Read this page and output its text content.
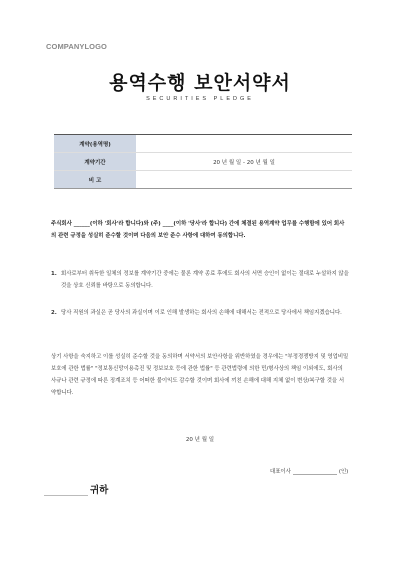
COMPANYLOGO
용역수행 보안서약서
SECURITIES PLEDGE
계약(용역명)	
계약기간	20 년 월 일 - 20 년 월 일
비 고	
주식회사 ______(이하 '회사'라 합니다)와 (주) ____(이하 '당사'라 합니다) 간에 체결된 용역계약 업무를 수행함에 있어 회사의 관련 규정을 성실히 준수할 것이며 다음의 보안 준수 사항에 대하여 동의합니다.
1. 회사로부터 취득한 일체의 정보를 계약기간 중에는 물론 계약 종료 후에도 회사의 서면 승인이 없이는 절대로 누설하지 않을 것을 상호 신뢰를 바탕으로 동의합니다.
2. 당사 직원의 과실은 곧 당사의 과실이며 이로 인해 발생하는 회사의 손해에 대해서는 전적으로 당사에서 책임지겠습니다.
상기 사항을 숙지하고 이를 성실히 준수할 것을 동의하며 서약서의 보안사항을 위반하였을 경우에는 "부정경쟁방지 및 영업비밀보호에 관한 법률" "정보통신망이용촉진 및 정보보호 등에 관한 법률" 등 관련법령에 의한 민/형사상의 책임 이외에도, 회사의 사규나 관련 규정에 따른 징계조치 등 어떠한 불이익도 감수할 것이며 회사에 끼친 손해에 대해 지체 없이 변상/복구할 것을 서약합니다.
20 년 월 일
대표이사	(인)
귀하
